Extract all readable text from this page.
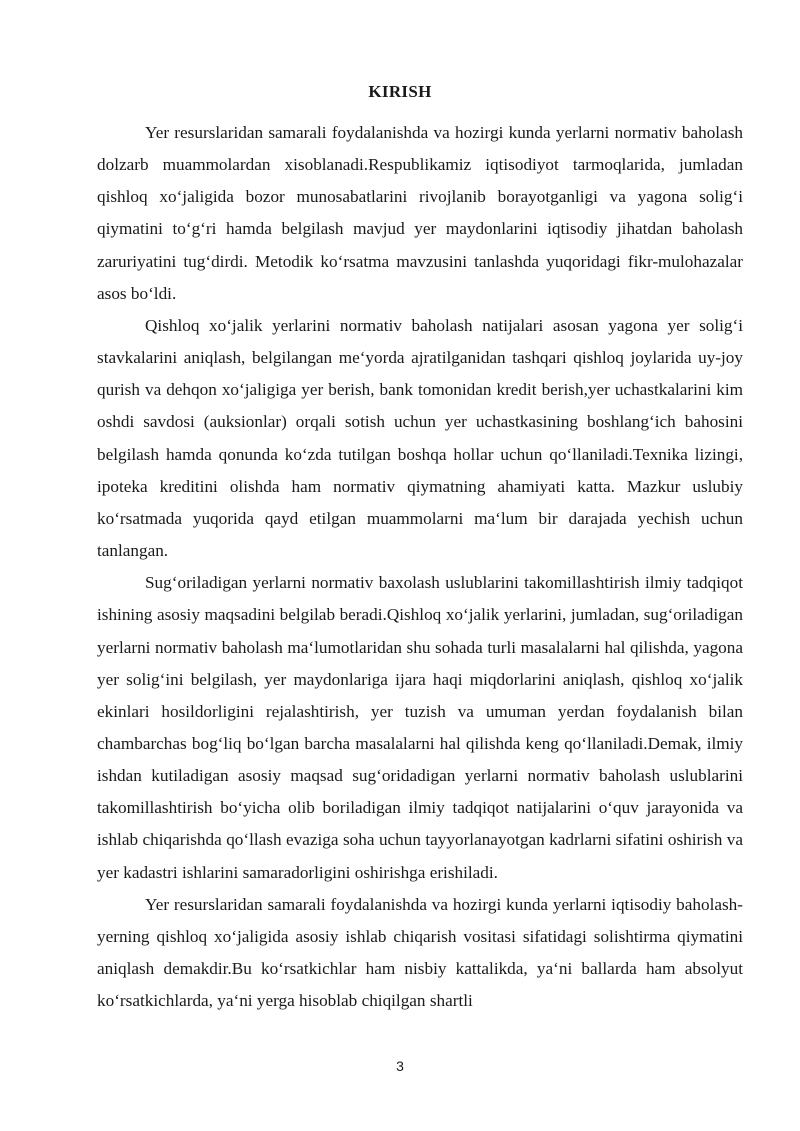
KIRISH

Yer resurslaridan samarali foydalanishda va hozirgi kunda yerlarni normativ baholash dolzarb muammolardan xisoblanadi.Respublikamiz iqtisodiyot tarmoqlarida, jumladan qishloq xo‘jaligida bozor munosabatlarini rivojlanib borayotganligi va yagona solig‘i qiymatini to‘g‘ri hamda belgilash mavjud yer maydonlarini iqtisodiy jihatdan baholash zaruriyatini tug‘dirdi. Metodik ko‘rsatma mavzusini tanlashda yuqoridagi fikr-mulohazalar asos bo‘ldi.

Qishloq xo‘jalik yerlarini normativ baholash natijalari asosan yagona yer solig‘i stavkalarini aniqlash, belgilangan me‘yorda ajratilganidan tashqari qishloq joylarida uy-joy qurish va dehqon xo‘jaligiga yer berish, bank tomonidan kredit berish,yer uchastkalarini kim oshdi savdosi (auksionlar) orqali sotish uchun yer uchastkasining boshlang‘ich bahosini belgilash hamda qonunda ko‘zda tutilgan boshqa hollar uchun qo‘llaniladi.Texnika lizingi, ipoteka kreditini olishda ham normativ qiymatning ahamiyati katta. Mazkur uslubiy ko‘rsatmada yuqorida qayd etilgan muammolarni ma‘lum bir darajada yechish uchun tanlangan.

Sug‘oriladigan yerlarni normativ baxolash uslublarini takomillashtirish ilmiy tadqiqot ishining asosiy maqsadini belgilab beradi.Qishloq xo‘jalik yerlarini, jumladan, sug‘oriladigan yerlarni normativ baholash ma‘lumotlaridan shu sohada turli masalalarni hal qilishda, yagona yer solig‘ini belgilash, yer maydonlariga ijara haqi miqdorlarini aniqlash, qishloq xo‘jalik ekinlari hosildorligini rejalashtirish, yer tuzish va umuman yerdan foydalanish bilan chambarchas bog‘liq bo‘lgan barcha masalalarni hal qilishda keng qo‘llaniladi.Demak, ilmiy ishdan kutiladigan asosiy maqsad sug‘oridadigan yerlarni normativ baholash uslublarini takomillashtirish bo‘yicha olib boriladigan ilmiy tadqiqot natijalarini o‘quv jarayonida va ishlab chiqarishda qo‘llash evaziga soha uchun tayyorlanayotgan kadrlarni sifatini oshirish va yer kadastri ishlarini samaradorligini oshirishga erishiladi.

Yer resurslaridan samarali foydalanishda va hozirgi kunda yerlarni iqtisodiy baholash-yerning qishloq xo‘jaligida asosiy ishlab chiqarish vositasi sifatidagi solishtirma qiymatini aniqlash demakdir.Bu ko‘rsatkichlar ham nisbiy kattalikda, ya‘ni ballarda ham absolyut ko‘rsatkichlarda, ya‘ni yerga hisoblab chiqilgan shartli

3
